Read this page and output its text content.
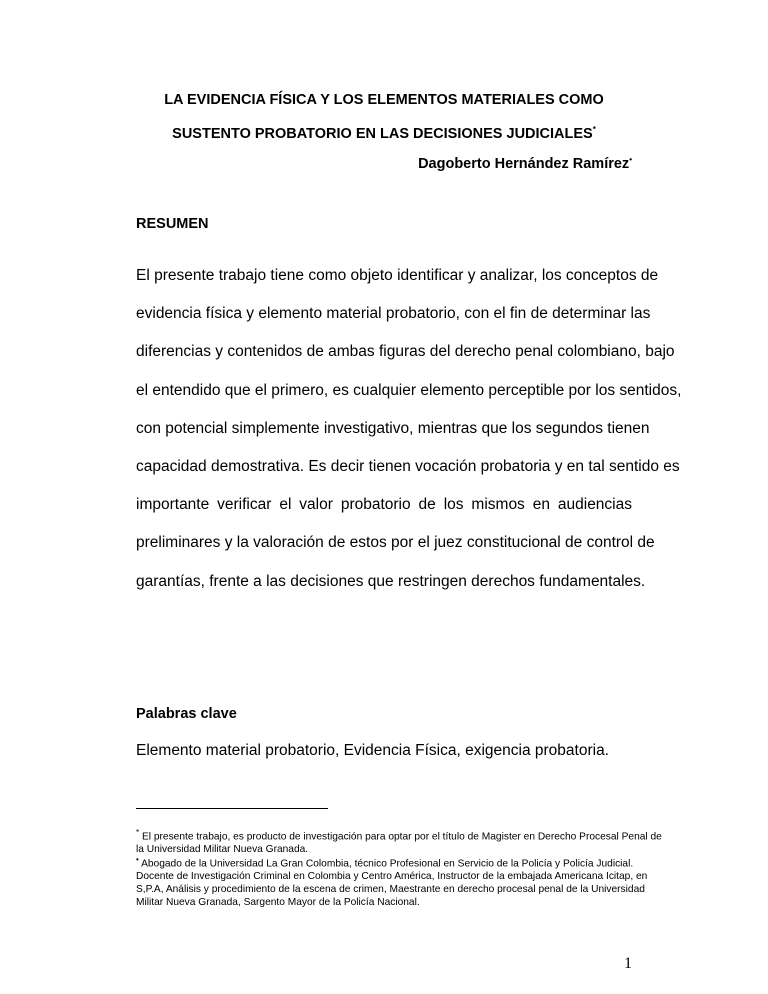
LA EVIDENCIA FÍSICA Y LOS ELEMENTOS MATERIALES COMO
SUSTENTO PROBATORIO EN LAS DECISIONES JUDICIALES*
Dagoberto Hernández Ramírez•
RESUMEN
El presente trabajo tiene como objeto identificar y analizar, los conceptos de
evidencia física y elemento material probatorio, con el fin de determinar las
diferencias y contenidos de ambas figuras del derecho penal colombiano, bajo
el entendido que el primero, es cualquier elemento perceptible por los sentidos,
con potencial simplemente investigativo, mientras que los segundos tienen
capacidad demostrativa. Es decir tienen vocación probatoria y en tal sentido es
importante verificar el valor probatorio de los mismos en audiencias
preliminares y la valoración de estos por el juez constitucional de control de
garantías, frente a las decisiones que restringen derechos fundamentales.
Palabras clave
Elemento material probatorio, Evidencia Física, exigencia probatoria.
* El presente trabajo, es producto de investigación para optar por el título de Magister en Derecho Procesal Penal de
la Universidad Militar Nueva Granada.
• Abogado de la Universidad La Gran Colombia, técnico Profesional en Servicio de la Policía y Policía Judicial.
Docente de Investigación Criminal en Colombia y Centro América, Instructor de la embajada Americana Icitap, en
S,P.A, Análisis y procedimiento de la escena de crimen, Maestrante en derecho procesal penal de la Universidad
Militar Nueva Granada, Sargento Mayor de la Policía Nacional.
1
